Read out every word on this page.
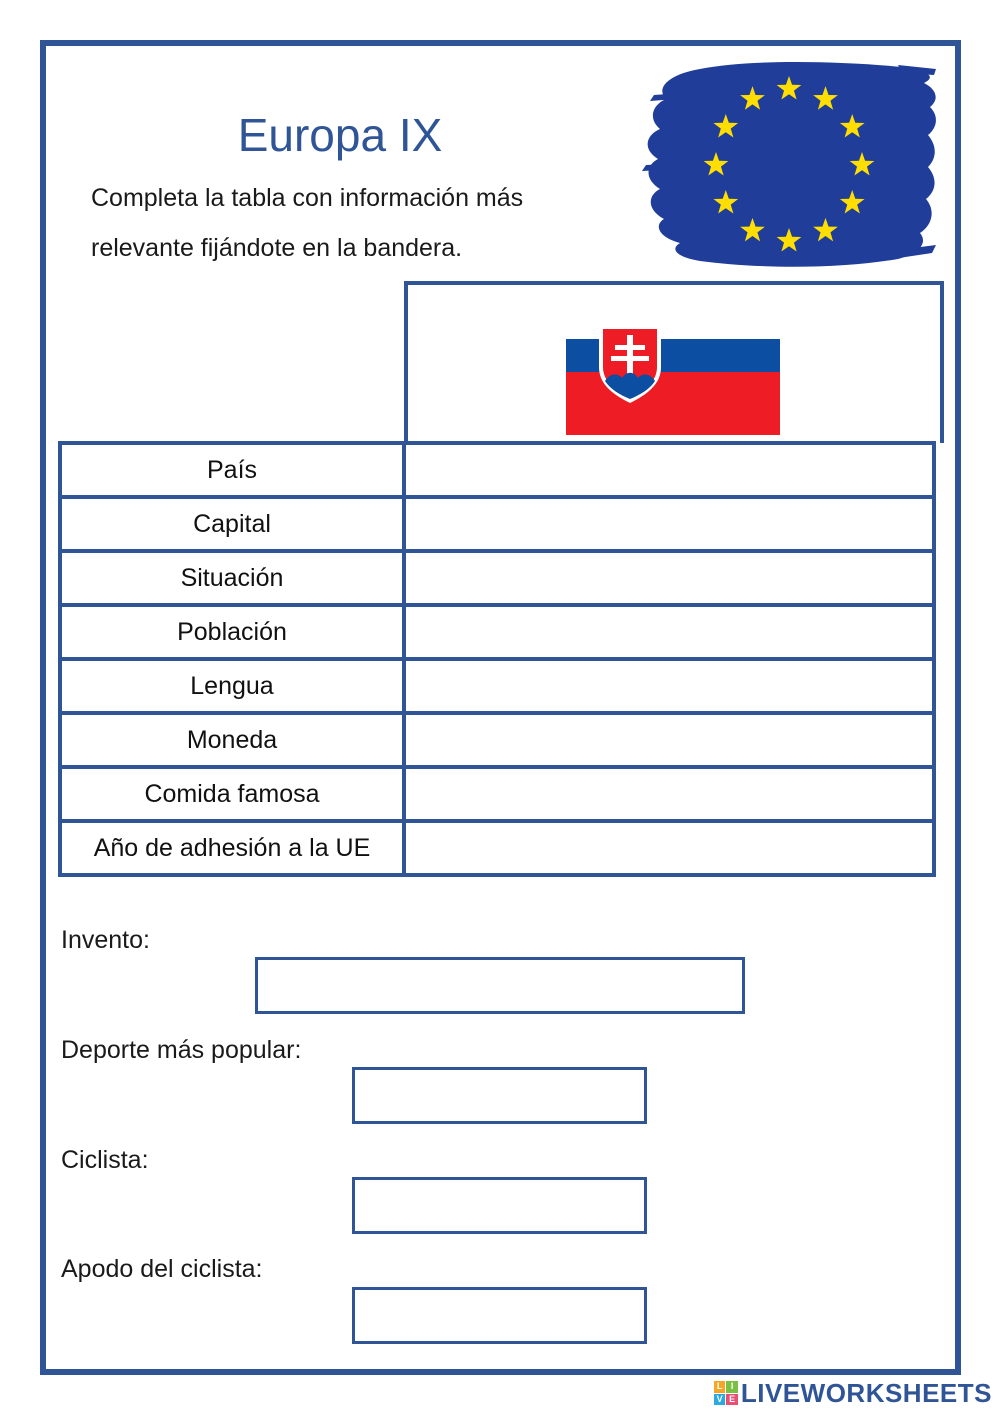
Europa IX
Completa la tabla con información más
relevante fijándote en la bandera.
País	
Capital	
Situación	
Población	
Lengua	
Moneda	
Comida famosa	
Año de adhesión a la UE	
Invento:
Deporte más popular:
Ciclista:
Apodo del ciclista:
L I
V E LIVEWORKSHEETS
